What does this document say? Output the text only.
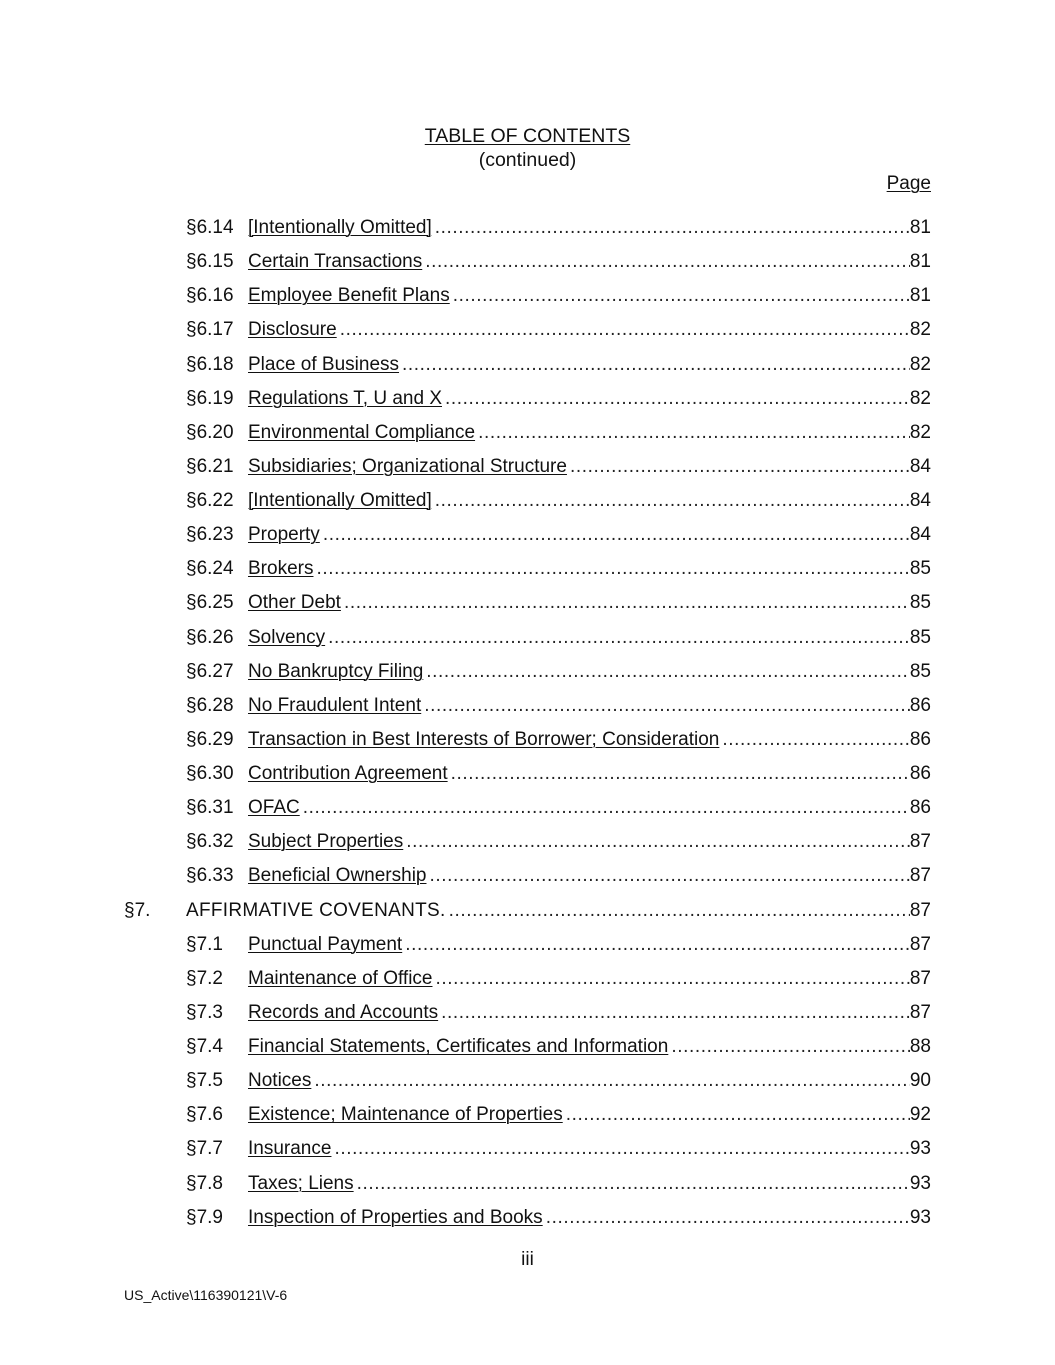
TABLE OF CONTENTS
(continued)
Page
§6.14 [Intentionally Omitted] .....	81
§6.15 Certain Transactions .....	81
§6.16 Employee Benefit Plans .....	81
§6.17 Disclosure .....	82
§6.18 Place of Business .....	82
§6.19 Regulations T, U and X .....	82
§6.20 Environmental Compliance .....	82
§6.21 Subsidiaries; Organizational Structure .....	84
§6.22 [Intentionally Omitted] .....	84
§6.23 Property .....	84
§6.24 Brokers .....	85
§6.25 Other Debt .....	85
§6.26 Solvency .....	85
§6.27 No Bankruptcy Filing .....	85
§6.28 No Fraudulent Intent .....	86
§6.29 Transaction in Best Interests of Borrower; Consideration .....	86
§6.30 Contribution Agreement .....	86
§6.31 OFAC .....	86
§6.32 Subject Properties .....	87
§6.33 Beneficial Ownership .....	87
§7. AFFIRMATIVE COVENANTS. .....	87
§7.1 Punctual Payment .....	87
§7.2 Maintenance of Office .....	87
§7.3 Records and Accounts .....	87
§7.4 Financial Statements, Certificates and Information .....	88
§7.5 Notices .....	90
§7.6 Existence; Maintenance of Properties .....	92
§7.7 Insurance .....	93
§7.8 Taxes; Liens .....	93
§7.9 Inspection of Properties and Books .....	93
iii
US_Active\116390121\V-6
